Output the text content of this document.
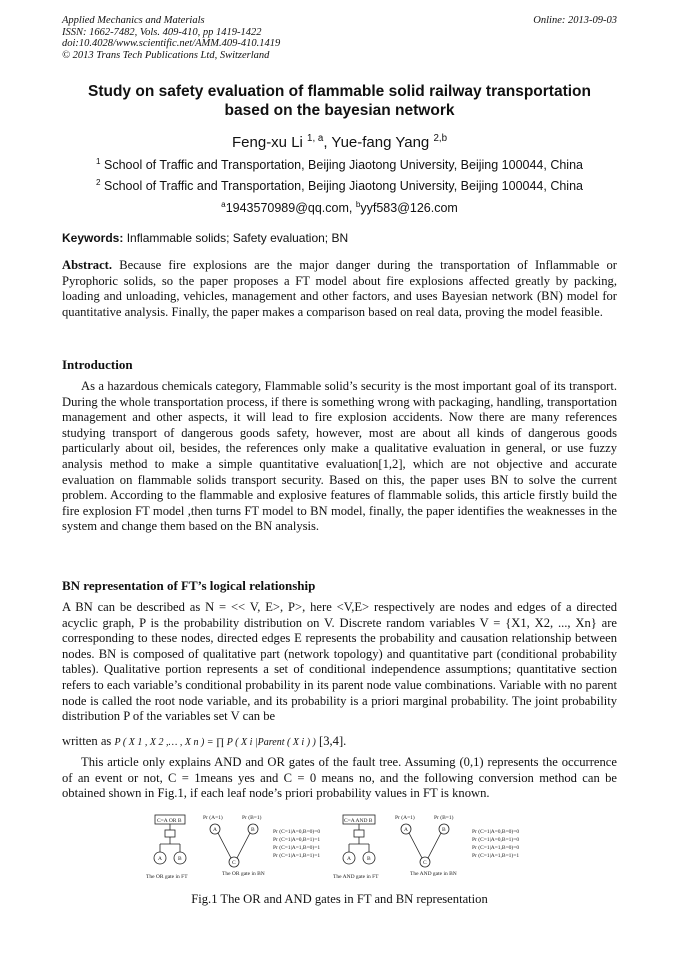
Applied Mechanics and Materials
ISSN: 1662-7482, Vols. 409-410, pp 1419-1422
doi:10.4028/www.scientific.net/AMM.409-410.1419
© 2013 Trans Tech Publications Ltd, Switzerland
Online: 2013-09-03
Study on safety evaluation of flammable solid railway transportation
based on the bayesian network
Feng-xu Li $^{1, a}$, Yue-fang Yang $^{2,b}$
$^1$ School of Traffic and Transportation, Beijing Jiaotong University, Beijing 100044, China
$^2$ School of Traffic and Transportation, Beijing Jiaotong University, Beijing 100044, China
$^a$1943570989@qq.com, $^b$yyf583@126.com
Keywords: Inflammable solids; Safety evaluation; BN
Abstract. Because fire explosions are the major danger during the transportation of Inflammable or Pyrophoric solids, so the paper proposes a FT model about fire explosions affected greatly by packing, loading and unloading, vehicles, management and other factors, and uses Bayesian network (BN) model for quantitative analysis. Finally, the paper makes a comparison based on real data, proving the model feasible.
Introduction
As a hazardous chemicals category, Flammable solid’s security is the most important goal of its transport. During the whole transportation process, if there is something wrong with packaging, handling, transportation management and other aspects, it will lead to fire explosion accidents. Now there are many references studying transport of dangerous goods safety, however, most are about all kinds of dangerous goods particularly about oil, besides, the references only make a qualitative evaluation in general, or use fuzzy analysis method to make a simple quantitative evaluation[1,2], which are not objective and accurate evaluation on flammable solids transport security. Based on this, the paper uses BN to solve the current problem. According to the flammable and explosive features of flammable solids, this article firstly build the fire explosion FT model ,then turns FT model to BN model, finally, the paper identifies the weaknesses in the system and change them based on the BN analysis.
BN representation of FT’s logical relationship
A BN can be described as N = << V, E>, P>, here <V,E> respectively are nodes and edges of a directed acyclic graph, P is the probability distribution on V. Discrete random variables V = {X1, X2, ..., Xn} are corresponding to these nodes, directed edges E represents the probability and causation relationship between nodes. BN is composed of qualitative part (network topology) and quantitative part (conditional probability tables). Qualitative portion represents a set of conditional independence assumptions; quantitative section refers to each variable’s conditional probability in its parent node value combinations. Variable with no parent node is called the root node variable, and its probability is a priori marginal probability. The joint probability distribution P of the variables set V can be
written as P ( X 1 , X 2 ,… , X n ) = ∏ P ( X i |Parent ( X i ) ) [3,4].
This article only explains AND and OR gates of the fault tree. Assuming (0,1) represents the occurrence of an event or not, C = 1means yes and C = 0 means no, and the following conversion method can be obtained shown in Fig.1, if each leaf node’s priori probability values in FT is known.
C=A OR B
A	B
Pr (A=1)	Pr (B=1)
A	B
C
Pr (C=1|A=0,B=0)=0
Pr (C=1|A=0,B=1)=1
Pr (C=1|A=1,B=0)=1
Pr (C=1|A=1,B=1)=1
The OR gate in FT	The OR gate in BN
C=A AND B
A	B
Pr (A=1)	Pr (B=1)
A	B
C
Pr (C=1|A=0,B=0)=0
Pr (C=1|A=0,B=1)=0
Pr (C=1|A=1,B=0)=0
Pr (C=1|A=1,B=1)=1
The AND gate in FT	The AND gate in BN
Fig.1 The OR and AND gates in FT and BN representation
